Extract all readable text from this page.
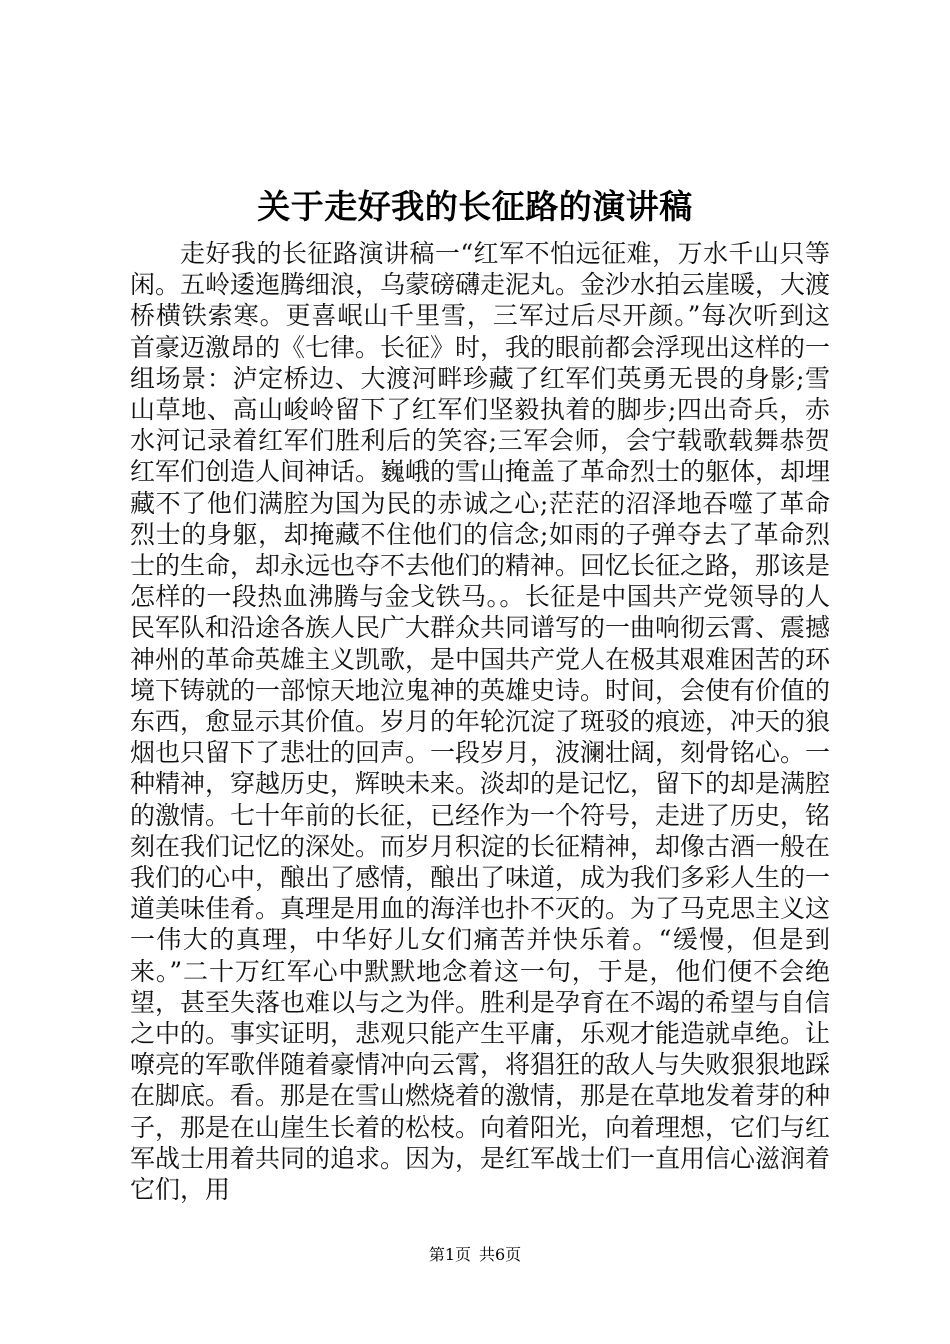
关于走好我的长征路的演讲稿

走好我的长征路演讲稿一“红军不怕远征难，万水千山只等闲。五岭逶迤腾细浪，乌蒙磅礴走泥丸。金沙水拍云崖暖，大渡桥横铁索寒。更喜岷山千里雪，三军过后尽开颜。”每次听到这首豪迈激昂的《七律。长征》时，我的眼前都会浮现出这样的一组场景：泸定桥边、大渡河畔珍藏了红军们英勇无畏的身影;雪山草地、高山峻岭留下了红军们坚毅执着的脚步;四出奇兵，赤水河记录着红军们胜利后的笑容;三军会师，会宁载歌载舞恭贺红军们创造人间神话。巍峨的雪山掩盖了革命烈士的躯体，却埋藏不了他们满腔为国为民的赤诚之心;茫茫的沼泽地吞噬了革命烈士的身躯，却掩藏不住他们的信念;如雨的子弹夺去了革命烈士的生命，却永远也夺不去他们的精神。回忆长征之路，那该是怎样的一段热血沸腾与金戈铁马。。长征是中国共产党领导的人民军队和沿途各族人民广大群众共同谱写的一曲响彻云霄、震撼神州的革命英雄主义凯歌，是中国共产党人在极其艰难困苦的环境下铸就的一部惊天地泣鬼神的英雄史诗。时间，会使有价值的东西，愈显示其价值。岁月的年轮沉淀了斑驳的痕迹，冲天的狼烟也只留下了悲壮的回声。一段岁月，波澜壮阔，刻骨铭心。一种精神，穿越历史，辉映未来。淡却的是记忆，留下的却是满腔的激情。七十年前的长征，已经作为一个符号，走进了历史，铭刻在我们记忆的深处。而岁月积淀的长征精神，却像古酒一般在我们的心中，酿出了感情，酿出了味道，成为我们多彩人生的一道美味佳肴。真理是用血的海洋也扑不灭的。为了马克思主义这一伟大的真理，中华好儿女们痛苦并快乐着。“缓慢，但是到来。”二十万红军心中默默地念着这一句，于是，他们便不会绝望，甚至失落也难以与之为伴。胜利是孕育在不竭的希望与自信之中的。事实证明，悲观只能产生平庸，乐观才能造就卓绝。让嘹亮的军歌伴随着豪情冲向云霄，将猖狂的敌人与失败狠狠地踩在脚底。看。那是在雪山燃烧着的激情，那是在草地发着芽的种子，那是在山崖生长着的松枝。向着阳光，向着理想，它们与红军战士用着共同的追求。因为，是红军战士们一直用信心滋润着它们，用

第1页 共6页
